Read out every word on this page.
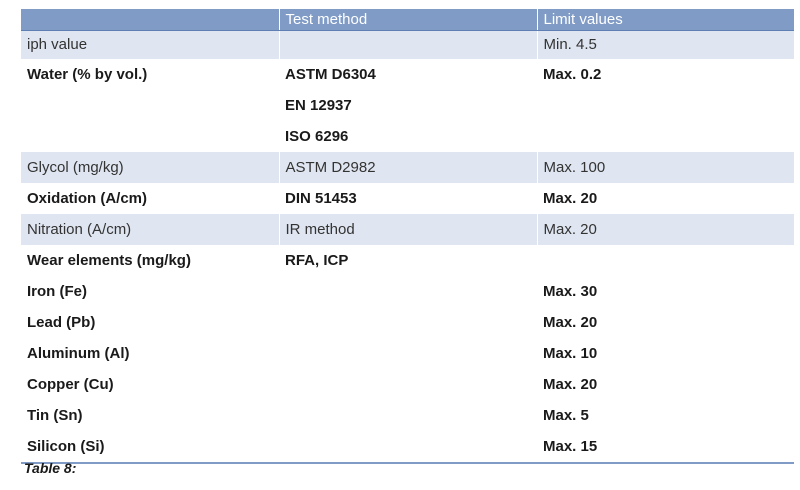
	Test method	Limit values
iph value		Min. 4.5
Water (% by vol.)	ASTM D6304	Max. 0.2
	EN 12937	
	ISO 6296	
Glycol (mg/kg)	ASTM D2982	Max. 100
Oxidation (A/cm)	DIN 51453	Max. 20
Nitration (A/cm)	IR method	Max. 20
Wear elements (mg/kg)	RFA, ICP	
Iron (Fe)		Max. 30
Lead (Pb)		Max. 20
Aluminum (Al)		Max. 10
Copper (Cu)		Max. 20
Tin (Sn)		Max. 5
Silicon (Si)		Max. 15
Table 8:
